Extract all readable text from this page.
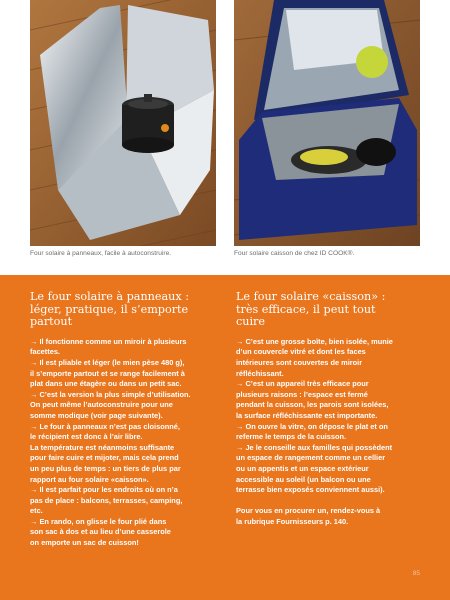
Four solaire à panneaux, facile à autoconstruire.	Four solaire caisson de chez ID COOK®.
Le four solaire à panneaux :
léger, pratique, il s’emporte
partout

→ Il fonctionne comme un miroir à plusieurs
facettes.
→ Il est pliable et léger (le mien pèse 480 g),
il s’emporte partout et se range facilement à
plat dans une étagère ou dans un petit sac.
→ C’est la version la plus simple d’utilisation.
On peut même l’autoconstruire pour une
somme modique (voir page suivante).
→ Le four à panneaux n’est pas cloisonné,
le récipient est donc à l’air libre.
La température est néanmoins suffisante
pour faire cuire et mijoter, mais cela prend
un peu plus de temps : un tiers de plus par
rapport au four solaire «caisson».
→ Il est parfait pour les endroits où on n’a
pas de place : balcons, terrasses, camping,
etc.
→ En rando, on glisse le four plié dans
son sac à dos et au lieu d’une casserole
on emporte un sac de cuisson!

Le four solaire «caisson» :
très efficace, il peut tout
cuire

→ C’est une grosse boîte, bien isolée, munie
d’un couvercle vitré et dont les faces
intérieures sont couvertes de miroir
réfléchissant.
→ C’est un appareil très efficace pour
plusieurs raisons : l’espace est fermé
pendant la cuisson, les parois sont isolées,
la surface réfléchissante est importante.
→ On ouvre la vitre, on dépose le plat et on
referme le temps de la cuisson.
→ Je le conseille aux familles qui possèdent
un espace de rangement comme un cellier
ou un appentis et un espace extérieur
accessible au soleil (un balcon ou une
terrasse bien exposés conviennent aussi).
Pour vous en procurer un, rendez-vous à
la rubrique Fournisseurs p. 140.

85
